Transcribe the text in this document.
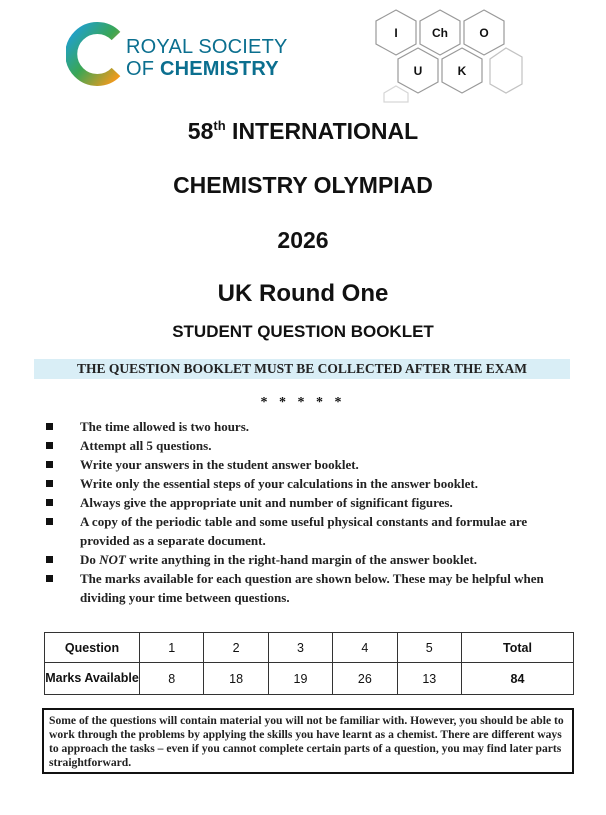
ROYAL SOCIETY
OF CHEMISTRY
I	Ch	O
U	K
58th INTERNATIONAL
CHEMISTRY OLYMPIAD
2026
UK Round One
STUDENT QUESTION BOOKLET
THE QUESTION BOOKLET MUST BE COLLECTED AFTER THE EXAM
* * * * *
The time allowed is two hours.
Attempt all 5 questions.
Write your answers in the student answer booklet.
Write only the essential steps of your calculations in the answer booklet.
Always give the appropriate unit and number of significant figures.
A copy of the periodic table and some useful physical constants and formulae are provided as a separate document.
Do NOT write anything in the right-hand margin of the answer booklet.
The marks available for each question are shown below. These may be helpful when dividing your time between questions.
Question	1	2	3	4	5	Total
Marks Available	8	18	19	26	13	84
Some of the questions will contain material you will not be familiar with. However, you should be able to work through the problems by applying the skills you have learnt as a chemist. There are different ways to approach the tasks – even if you cannot complete certain parts of a question, you may find later parts straightforward.
